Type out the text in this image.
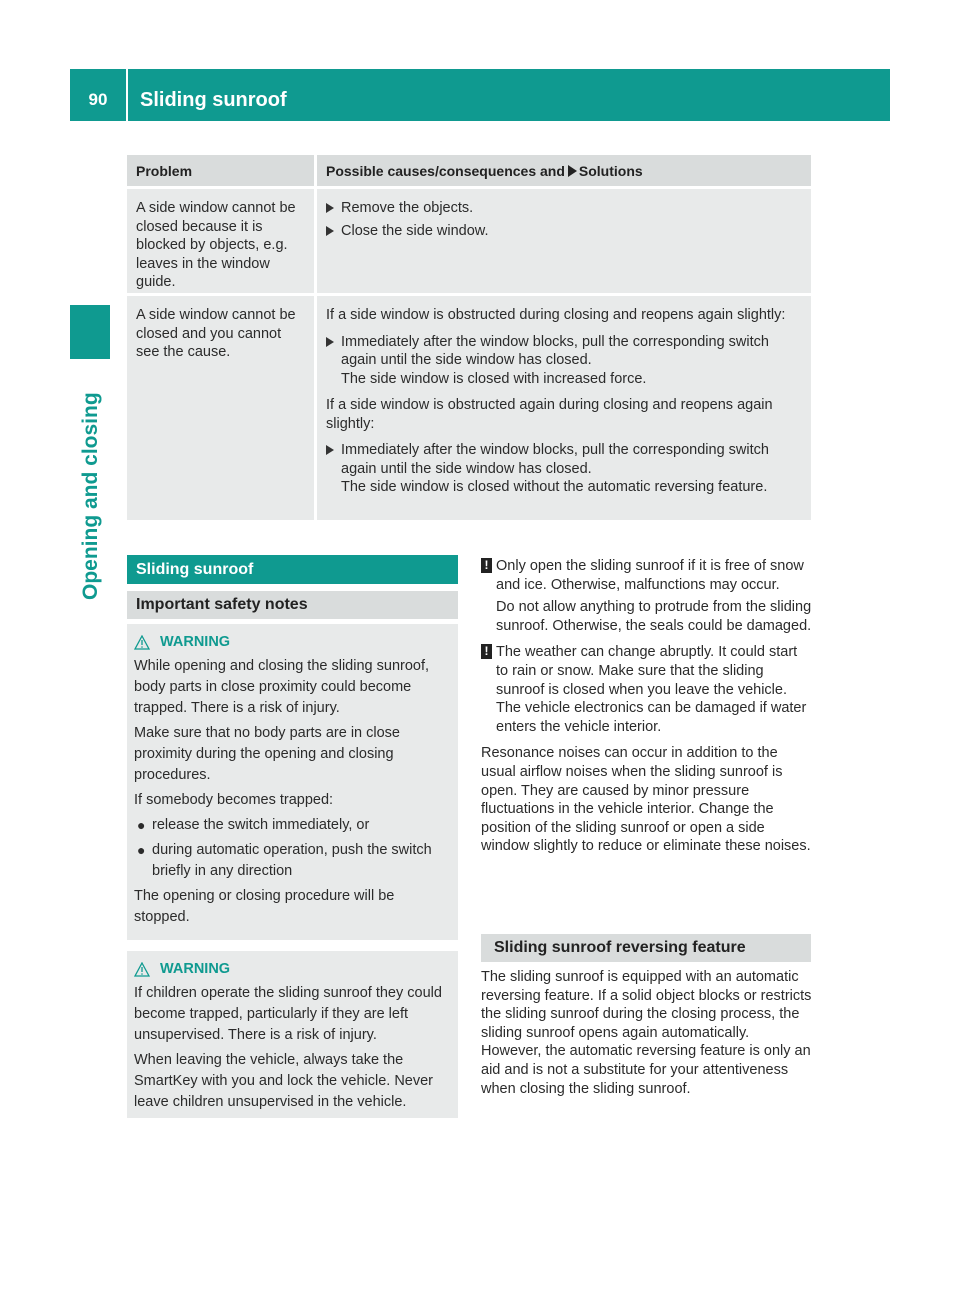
90	Sliding sunroof
Opening and closing
Problem	Possible causes/consequences and Solutions
A side window cannot be closed because it is blocked by objects, e.g. leaves in the window guide.
Remove the objects.
Close the side window.
A side window cannot be closed and you cannot see the cause.
If a side window is obstructed during closing and reopens again slightly:
Immediately after the window blocks, pull the corresponding switch again until the side window has closed.
The side window is closed with increased force.
If a side window is obstructed again during closing and reopens again slightly:
Immediately after the window blocks, pull the corresponding switch again until the side window has closed.
The side window is closed without the automatic reversing feature.
Sliding sunroof
Important safety notes
WARNING
While opening and closing the sliding sunroof, body parts in close proximity could become trapped. There is a risk of injury.
Make sure that no body parts are in close proximity during the opening and closing procedures.
If somebody becomes trapped:
● release the switch immediately, or
● during automatic operation, push the switch briefly in any direction
The opening or closing procedure will be stopped.
WARNING
If children operate the sliding sunroof they could become trapped, particularly if they are left unsupervised. There is a risk of injury.
When leaving the vehicle, always take the SmartKey with you and lock the vehicle. Never leave children unsupervised in the vehicle.
! Only open the sliding sunroof if it is free of snow and ice. Otherwise, malfunctions may occur.

Do not allow anything to protrude from the sliding sunroof. Otherwise, the seals could be damaged.

! The weather can change abruptly. It could start to rain or snow. Make sure that the sliding sunroof is closed when you leave the vehicle. The vehicle electronics can be damaged if water enters the vehicle interior.

Resonance noises can occur in addition to the usual airflow noises when the sliding sunroof is open. They are caused by minor pressure fluctuations in the vehicle interior. Change the position of the sliding sunroof or open a side window slightly to reduce or eliminate these noises.
Sliding sunroof reversing feature
The sliding sunroof is equipped with an automatic reversing feature. If a solid object blocks or restricts the sliding sunroof during the closing process, the sliding sunroof opens again automatically. However, the automatic reversing feature is only an aid and is not a substitute for your attentiveness when closing the sliding sunroof.
